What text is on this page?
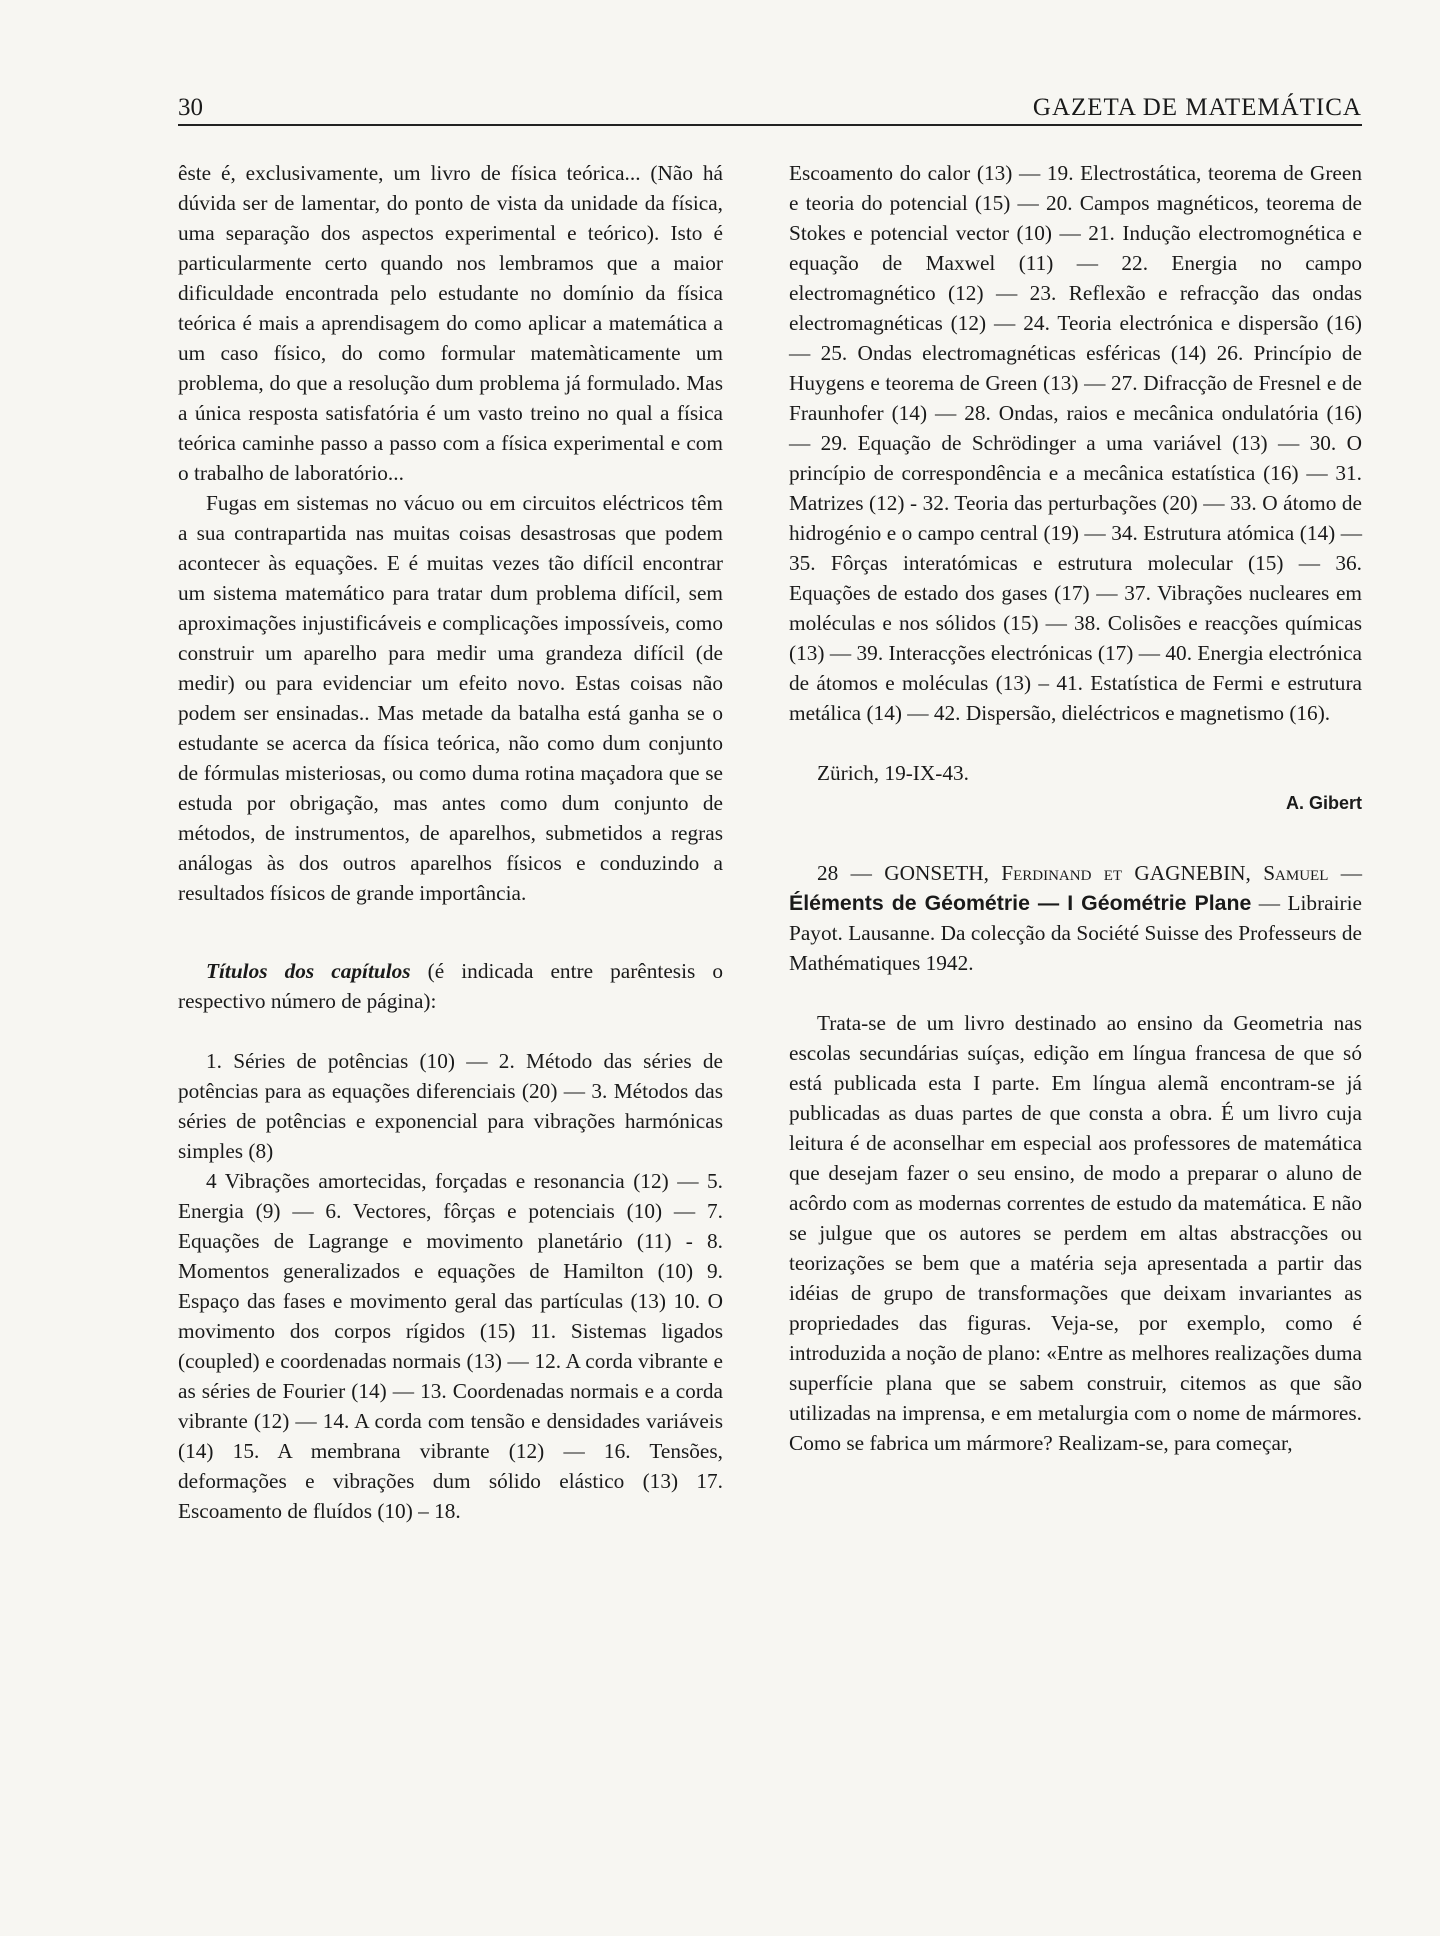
30	GAZETA DE MATEMÁTICA

êste é, exclusivamente, um livro de física teórica... (Não há dúvida ser de lamentar, do ponto de vista da unidade da física, uma separação dos aspectos experimental e teórico). Isto é particularmente certo quando nos lembramos que a maior dificuldade encontrada pelo estudante no domínio da física teórica é mais a aprendisagem do como aplicar a matemática a um caso físico, do como formular matemàticamente um problema, do que a resolução dum problema já formulado. Mas a única resposta satisfatória é um vasto treino no qual a física teórica caminhe passo a passo com a física experimental e com o trabalho de laboratório...

Fugas em sistemas no vácuo ou em circuitos eléctricos têm a sua contrapartida nas muitas coisas desastrosas que podem acontecer às equações. E é muitas vezes tão difícil encontrar um sistema matemático para tratar dum problema difícil, sem aproximações injustificáveis e complicações impossíveis, como construir um aparelho para medir uma grandeza difícil (de medir) ou para evidenciar um efeito novo. Estas coisas não podem ser ensinadas.. Mas metade da batalha está ganha se o estudante se acerca da física teórica, não como dum conjunto de fórmulas misteriosas, ou como duma rotina maçadora que se estuda por obrigação, mas antes como dum conjunto de métodos, de instrumentos, de aparelhos, submetidos a regras análogas às dos outros aparelhos físicos e conduzindo a resultados físicos de grande importância.

Títulos dos capítulos (é indicada entre parêntesis o respectivo número de página):

1. Séries de potências (10) — 2. Método das séries de potências para as equações diferenciais (20) — 3. Métodos das séries de potências e exponencial para vibrações harmónicas simples (8)

4 Vibrações amortecidas, forçadas e resonancia (12) — 5. Energia (9) — 6. Vectores, fôrças e potenciais (10) — 7. Equações de Lagrange e movimento planetário (11) - 8. Momentos generalizados e equações de Hamilton (10) 9. Espaço das fases e movimento geral das partículas (13) 10. O movimento dos corpos rígidos (15) 11. Sistemas ligados (coupled) e coordenadas normais (13) — 12. A corda vibrante e as séries de Fourier (14) — 13. Coordenadas normais e a corda vibrante (12) — 14. A corda com tensão e densidades variáveis (14) 15. A membrana vibrante (12) — 16. Tensões, deformações e vibrações dum sólido elástico (13) 17. Escoamento de fluídos (10) – 18.

Escoamento do calor (13) — 19. Electrostática, teorema de Green e teoria do potencial (15) — 20. Campos magnéticos, teorema de Stokes e potencial vector (10) — 21. Indução electromognética e equação de Maxwel (11) — 22. Energia no campo electromagnético (12) — 23. Reflexão e refracção das ondas electromagnéticas (12) — 24. Teoria electrónica e dispersão (16) — 25. Ondas electromagnéticas esféricas (14) 26. Princípio de Huygens e teorema de Green (13) — 27. Difracção de Fresnel e de Fraunhofer (14) — 28. Ondas, raios e mecânica ondulatória (16) — 29. Equação de Schrödinger a uma variável (13) — 30. O princípio de correspondência e a mecânica estatística (16) — 31. Matrizes (12) - 32. Teoria das perturbações (20) — 33. O átomo de hidrogénio e o campo central (19) — 34. Estrutura atómica (14) — 35. Fôrças interatómicas e estrutura molecular (15) — 36. Equações de estado dos gases (17) — 37. Vibrações nucleares em moléculas e nos sólidos (15) — 38. Colisões e reacções químicas (13) — 39. Interacções electrónicas (17) — 40. Energia electrónica de átomos e moléculas (13) – 41. Estatística de Fermi e estrutura metálica (14) — 42. Dispersão, dieléctricos e magnetismo (16).

Zürich, 19-IX-43.

A. Gibert

28 — GONSETH, Ferdinand et GAGNEBIN, Samuel — Éléments de Géométrie — I Géométrie Plane — Librairie Payot. Lausanne. Da colecção da Société Suisse des Professeurs de Mathématiques 1942.

Trata-se de um livro destinado ao ensino da Geometria nas escolas secundárias suíças, edição em língua francesa de que só está publicada esta I parte. Em língua alemã encontram-se já publicadas as duas partes de que consta a obra. É um livro cuja leitura é de aconselhar em especial aos professores de matemática que desejam fazer o seu ensino, de modo a preparar o aluno de acôrdo com as modernas correntes de estudo da matemática. E não se julgue que os autores se perdem em altas abstracções ou teorizações se bem que a matéria seja apresentada a partir das idéias de grupo de transformações que deixam invariantes as propriedades das figuras. Veja-se, por exemplo, como é introduzida a noção de plano: «Entre as melhores realizações duma superfície plana que se sabem construir, citemos as que são utilizadas na imprensa, e em metalurgia com o nome de mármores. Como se fabrica um mármore? Realizam-se, para começar,
